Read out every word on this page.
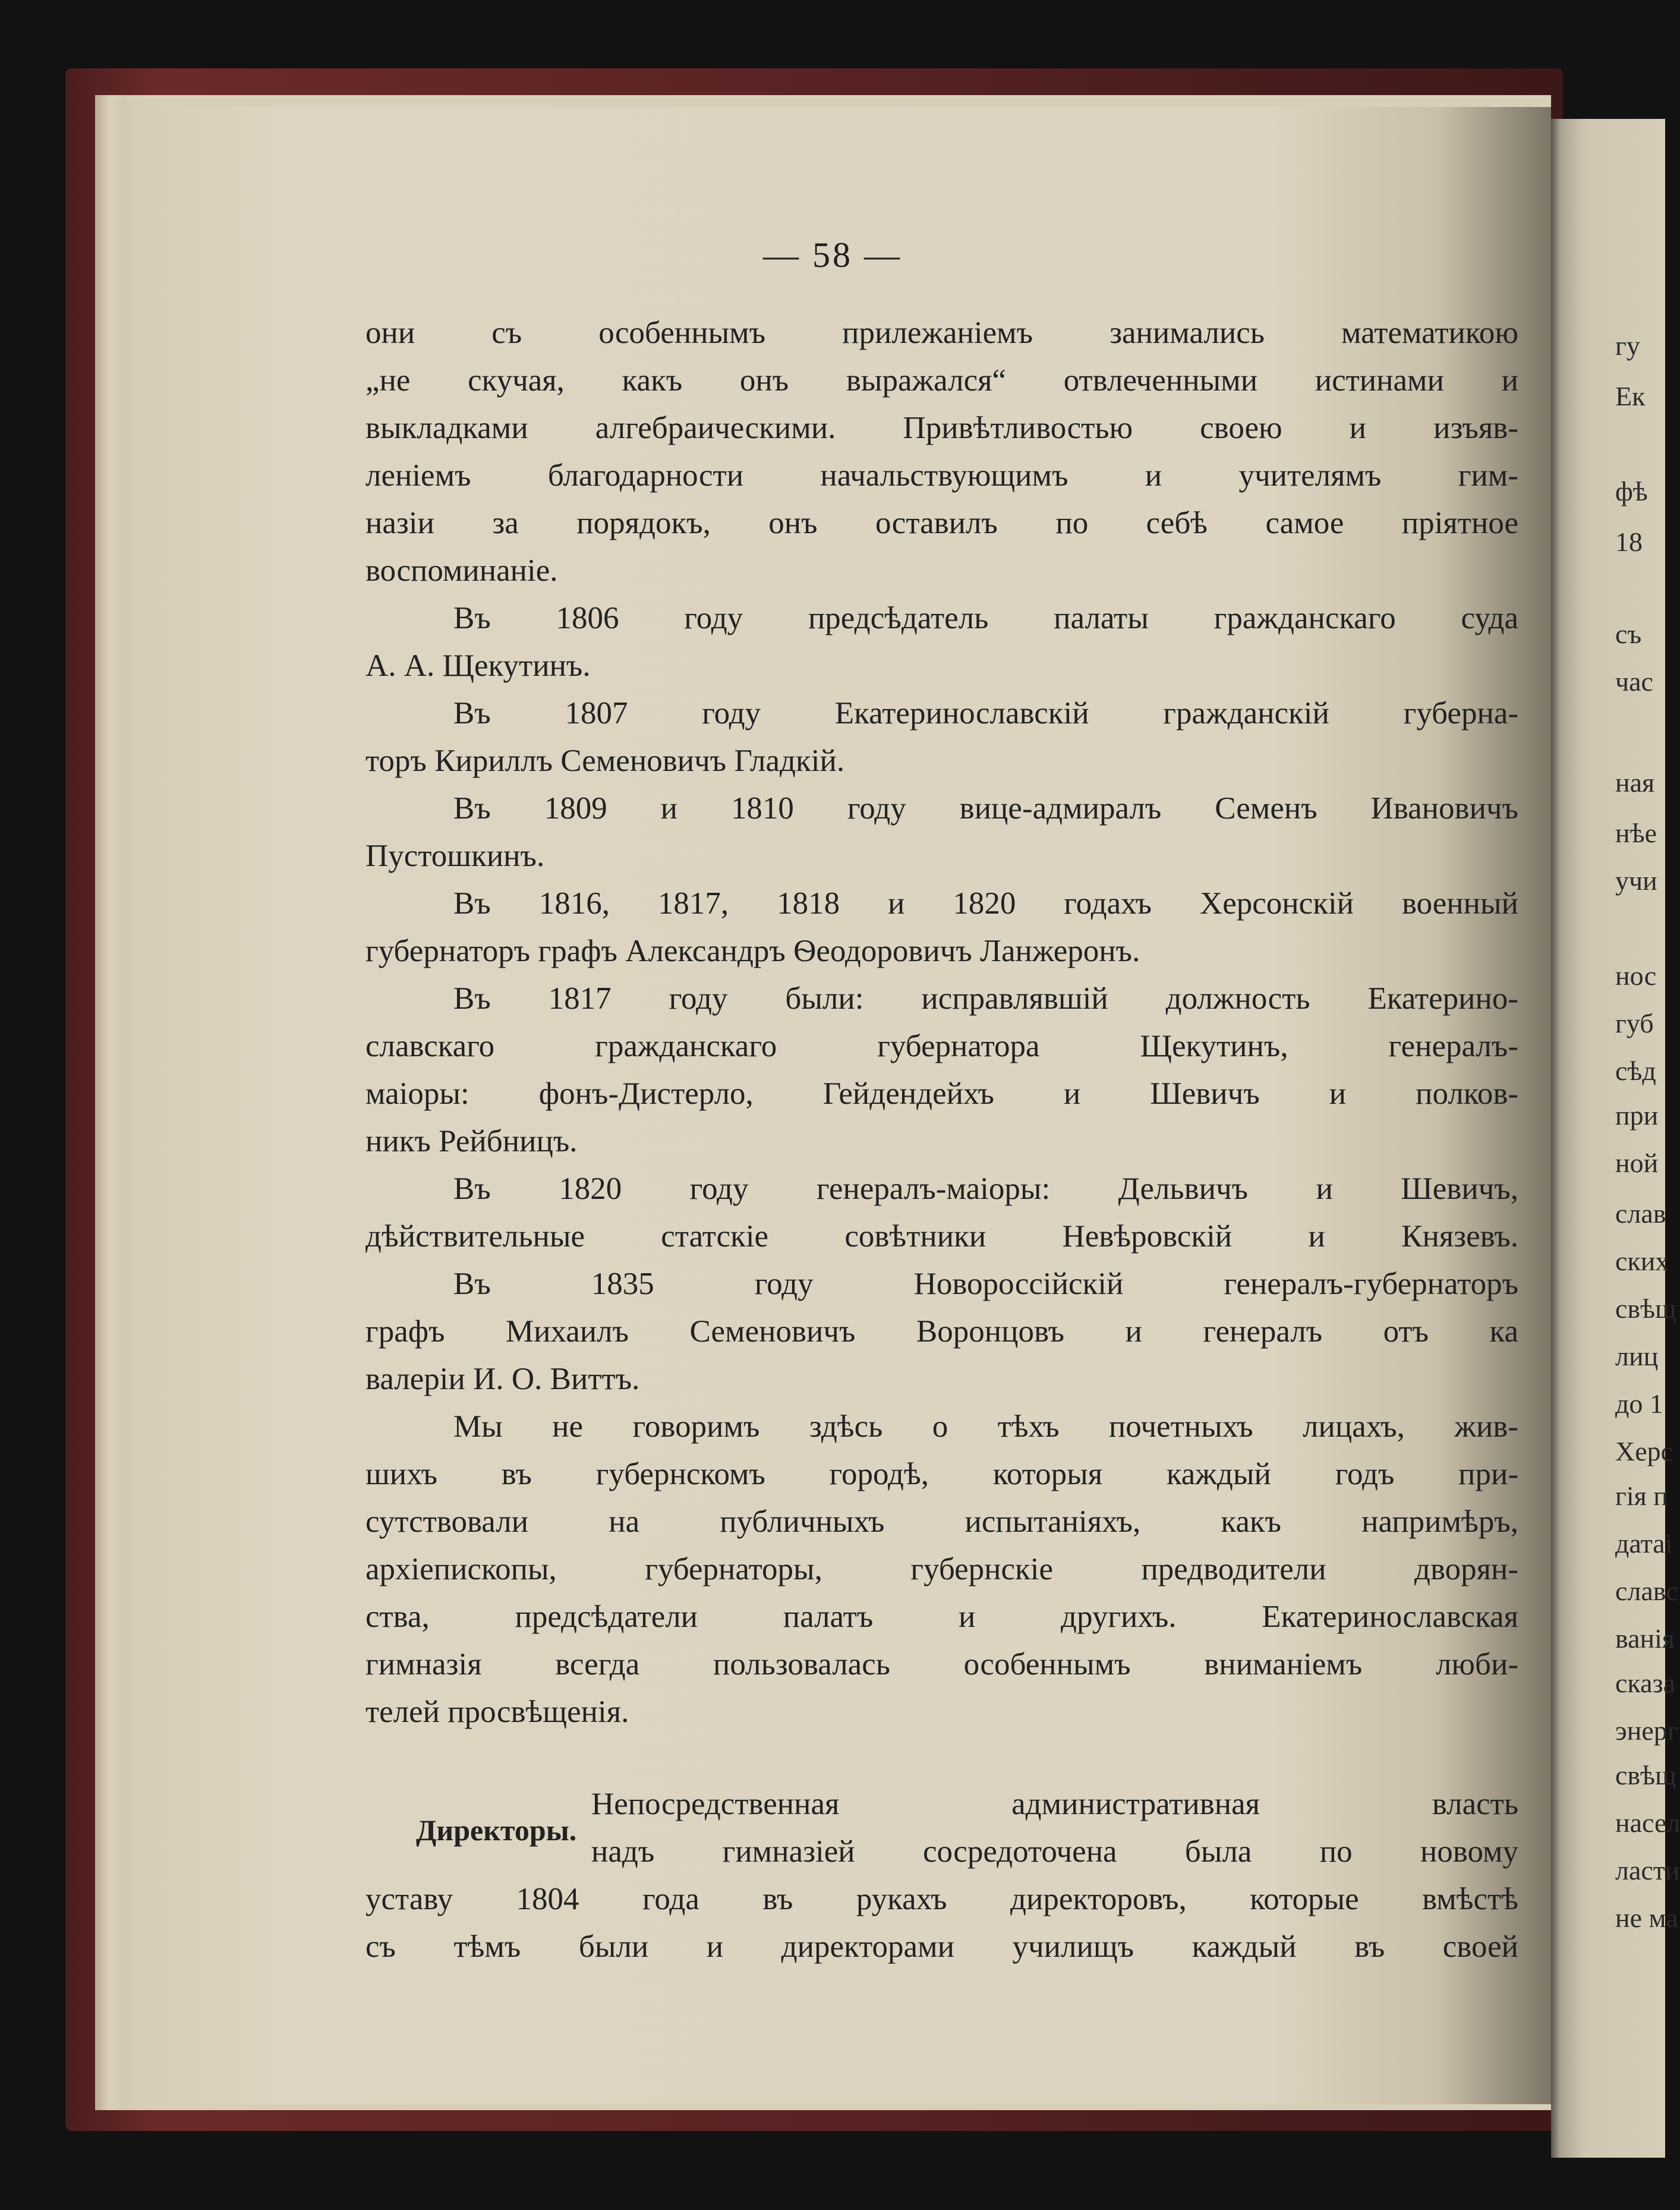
— 58 —
они съ особеннымъ прилежаніемъ занимались математикою
„не скучая, какъ онъ выражался“ отвлеченными истинами и
выкладками алгебраическими. Привѣтливостью своею и изъяв-
леніемъ благодарности начальствующимъ и учителямъ гим-
назіи за порядокъ, онъ оставилъ по себѣ самое пріятное
воспоминаніе.
Въ 1806 году предсѣдатель палаты гражданскаго суда
А. А. Щекутинъ.
Въ 1807 году Екатеринославскій гражданскій губерна-
торъ Кириллъ Семеновичъ Гладкій.
Въ 1809 и 1810 году вице-адмиралъ Семенъ Ивановичъ
Пустошкинъ.
Въ 1816, 1817, 1818 и 1820 годахъ Херсонскій военный
губернаторъ графъ Александръ Ѳеодоровичъ Ланжеронъ.
Въ 1817 году были: исправлявшій должность Екатерино-
славскаго гражданскаго губернатора Щекутинъ, генералъ-
маіоры: фонъ-Дистерло, Гейдендейхъ и Шевичъ и полков-
никъ Рейбницъ.
Въ 1820 году генералъ-маіоры: Дельвичъ и Шевичъ,
дѣйствительные статскіе совѣтники Невѣровскій и Князевъ.
Въ 1835 году Новороссійскій генералъ-губернаторъ
графъ Михаилъ Семеновичъ Воронцовъ и генералъ отъ ка
валеріи И. О. Виттъ.
Мы не говоримъ здѣсь о тѣхъ почетныхъ лицахъ, жив-
шихъ въ губернскомъ городѣ, которыя каждый годъ при-
сутствовали на публичныхъ испытаніяхъ, какъ напримѣръ,
архіепископы, губернаторы, губернскіе предводители дворян-
ства, предсѣдатели палатъ и другихъ. Екатеринославская
гимназія всегда пользовалась особеннымъ вниманіемъ люби-
телей просвѣщенія.
Директоры.
Непосредственная административная власть
надъ гимназіей сосредоточена была по новому
уставу 1804 года въ рукахъ директоровъ, которые вмѣстѣ
съ тѣмъ были и директорами училищъ каждый въ своей
гу
Ек
фѣ
18
съ
час
ная
нѣе
учи
нос
губ
сѣд
при
ной
слав
ских
свѣщ
лиц
до 1
Херс
гія п
датаі
славс
ванія
сказа
энерг
свѣщ
насел
ласти
не ма
